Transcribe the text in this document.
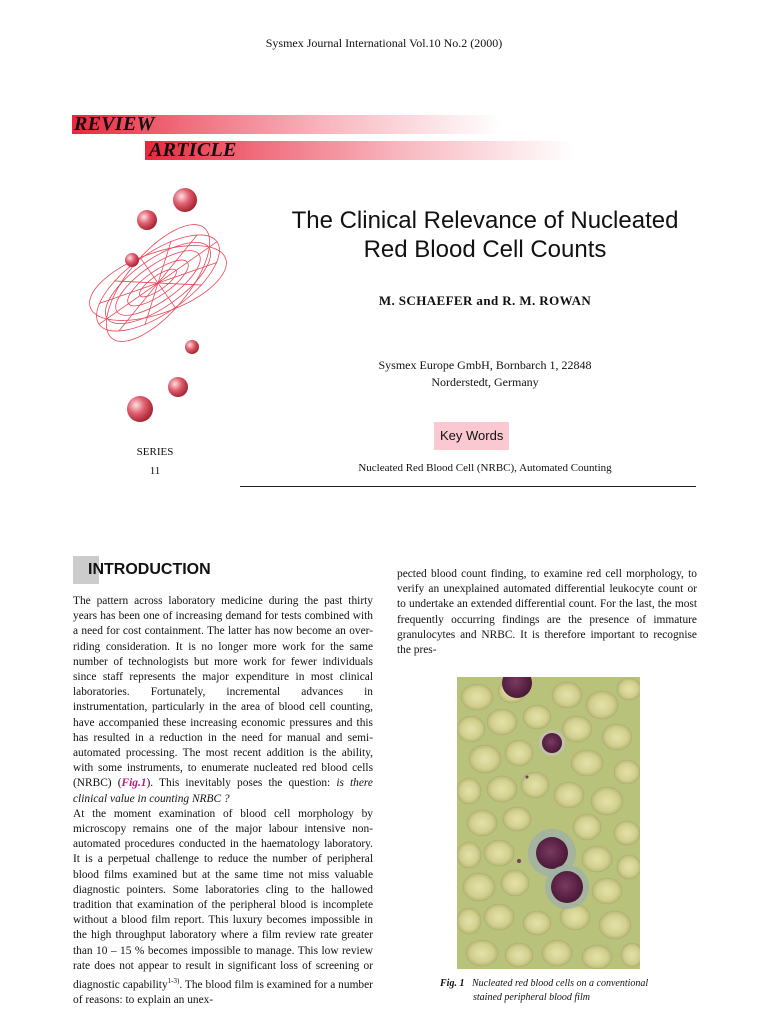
Sysmex Journal International Vol.10 No.2 (2000)
REVIEW
ARTICLE
The Clinical Relevance of Nucleated
Red Blood Cell Counts
M. SCHAEFER and R. M. ROWAN
Sysmex Europe GmbH, Bornbarch 1, 22848
Norderstedt, Germany
SERIES
11
Key Words
Nucleated Red Blood Cell (NRBC), Automated Counting
INTRODUCTION

The pattern across laboratory medicine during the past thirty years has been one of increasing demand for tests combined with a need for cost containment. The latter has now become an over-riding consideration. It is no longer more work for the same number of technologists but more work for fewer individuals since staff represents the major expenditure in most clinical laboratories. Fortunately, incremental advances in instrumentation, particularly in the area of blood cell counting, have accompanied these increasing economic pressures and this has resulted in a reduction in the need for manual and semi-automated processing. The most recent addition is the ability, with some instruments, to enumerate nucleated red blood cells (NRBC) (Fig.1). This inevitably poses the question: is there clinical value in counting NRBC ?

At the moment examination of blood cell morphology by microscopy remains one of the major labour intensive non-automated procedures conducted in the haematology laboratory. It is a perpetual challenge to reduce the number of peripheral blood films examined but at the same time not miss valuable diagnostic pointers. Some laboratories cling to the hallowed tradition that examination of the peripheral blood is incomplete without a blood film report. This luxury becomes impossible in the high throughput laboratory where a film review rate greater than 10 – 15 % becomes impossible to manage. This low review rate does not appear to result in significant loss of screening or diagnostic capability$^{1-3)}$. The blood film is examined for a number of reasons: to explain an unex-

pected blood count finding, to examine red cell morphology, to verify an unexplained automated differential leukocyte count or to undertake an extended differential count. For the last, the most frequently occurring findings are the presence of immature granulocytes and NRBC. It is therefore important to recognise the pres-

Fig. 1 Nucleated red blood cells on a conventional
stained peripheral blood film
